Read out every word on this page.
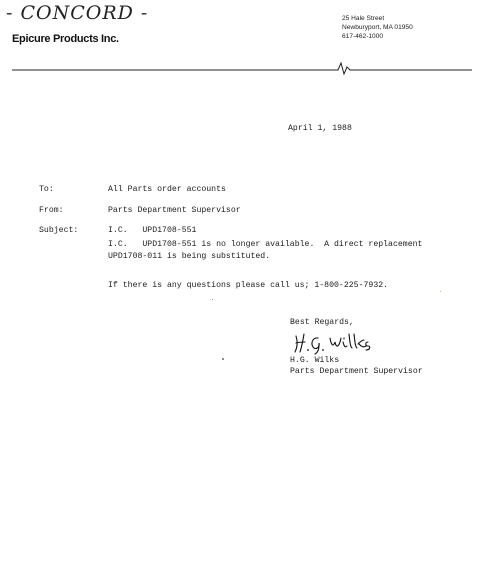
- CONCORD -
Epicure Products Inc.
25 Hale Street
Newburyport, MA 01950
617-462-1000
April 1, 1988
To:	All Parts order accounts
From:	Parts Department Supervisor
Subject:	I.C.   UPD1708-551
I.C.   UPD1708-551 is no longer available.  A direct replacement
UPD1708-011 is being substituted.
If there is any questions please call us; 1-800-225-7932.
Best Regards,
H.G. Wilks
Parts Department Supervisor
